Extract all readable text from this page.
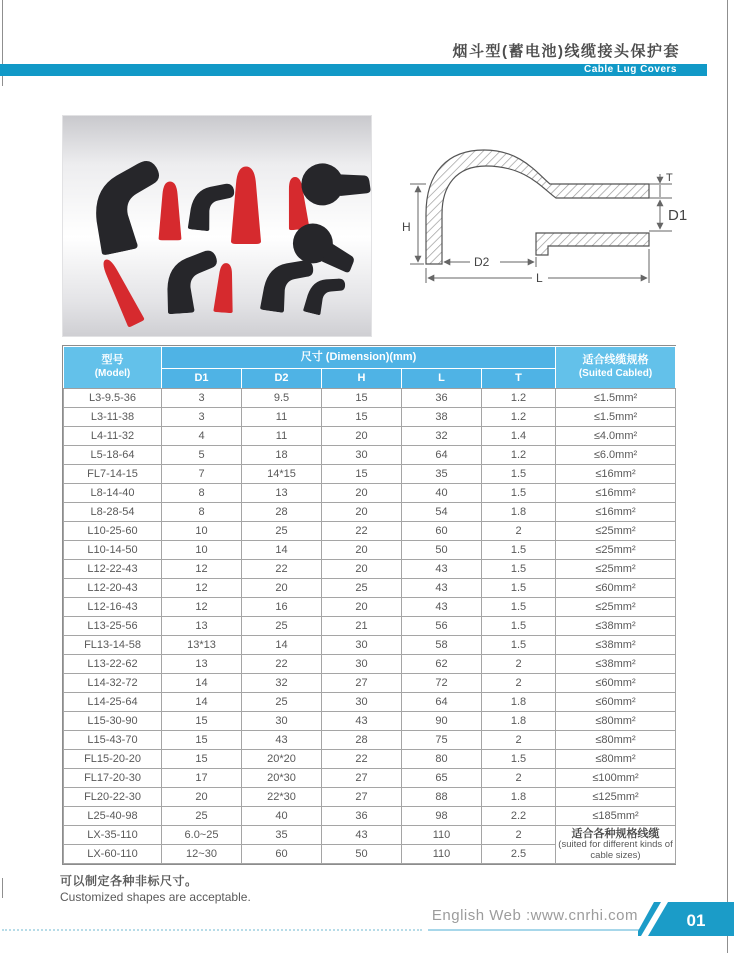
烟斗型(蓄电池)线缆接头保护套
Cable Lug Covers
H
D2
L
T
D1
型号
(Model)
	尺寸 (Dimension)(mm)	适合线缆规格
(Suited Cabled)

	D1	D2	H	L	T	
L3-9.5-36	3	9.5	15	36	1.2	≤1.5mm²
L3-11-38	3	11	15	38	1.2	≤1.5mm²
L4-11-32	4	11	20	32	1.4	≤4.0mm²
L5-18-64	5	18	30	64	1.2	≤6.0mm²
FL7-14-15	7	14*15	15	35	1.5	≤16mm²
L8-14-40	8	13	20	40	1.5	≤16mm²
L8-28-54	8	28	20	54	1.8	≤16mm²
L10-25-60	10	25	22	60	2	≤25mm²
L10-14-50	10	14	20	50	1.5	≤25mm²
L12-22-43	12	22	20	43	1.5	≤25mm²
L12-20-43	12	20	25	43	1.5	≤60mm²
L12-16-43	12	16	20	43	1.5	≤25mm²
L13-25-56	13	25	21	56	1.5	≤38mm²
FL13-14-58	13*13	14	30	58	1.5	≤38mm²
L13-22-62	13	22	30	62	2	≤38mm²
L14-32-72	14	32	27	72	2	≤60mm²
L14-25-64	14	25	30	64	1.8	≤60mm²
L15-30-90	15	30	43	90	1.8	≤80mm²
L15-43-70	15	43	28	75	2	≤80mm²
FL15-20-20	15	20*20	22	80	1.5	≤80mm²
FL17-20-30	17	20*30	27	65	2	≤100mm²
FL20-22-30	20	22*30	27	88	1.8	≤125mm²
L25-40-98	25	40	36	98	2.2	≤185mm²
LX-35-110	6.0~25	35	43	110	2	适合各种规格线缆
(suited for different kinds of cable sizes)

LX-60-110	12~30	60	50	110	2.5	
可以制定各种非标尺寸。
Customized shapes are acceptable.
English Web :www.cnrhi.com	01
